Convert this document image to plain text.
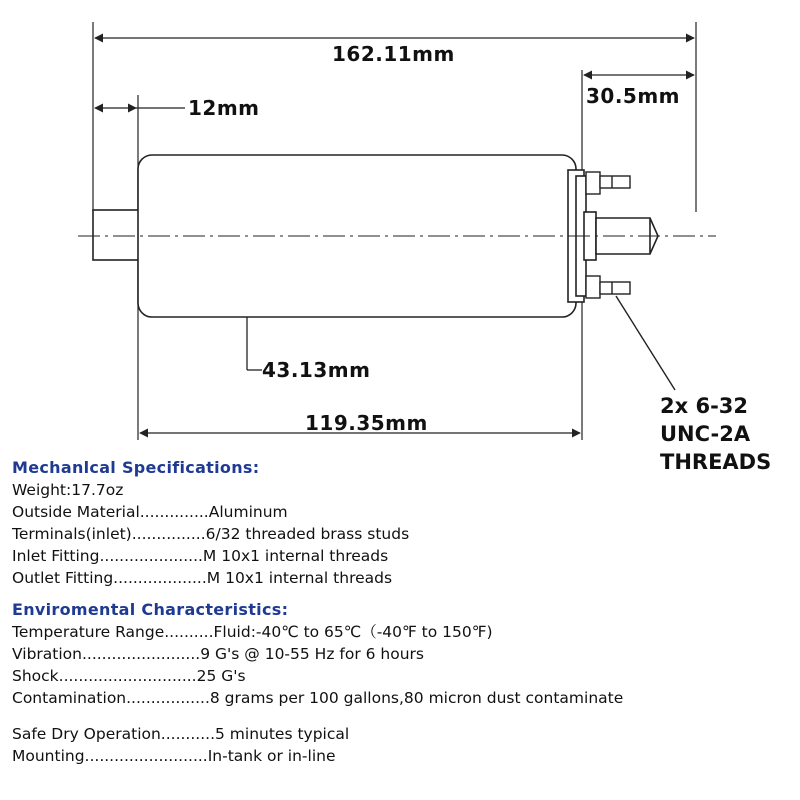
162.11mm
12mm	30.5mm
43.13mm
119.35mm
2x 6-32
UNC-2A
THREADS
Mechanlcal Specifications:
Weight:17.7oz
Outside Material..............Aluminum
Terminals(inlet)...............6/32 threaded brass studs
Inlet Fitting.....................M 10x1 internal threads
Outlet Fitting...................M 10x1 internal threads
Enviromental Characteristics:
Temperature Range..........Fluid:-40℃ to 65℃（-40℉ to 150℉)
Vibration........................9 G's @ 10-55 Hz for 6 hours
Shock............................25 G's
Contamination.................8 grams per 100 gallons,80 micron dust contaminate
Safe Dry Operation...........5 minutes typical
Mounting.........................In-tank or in-line
